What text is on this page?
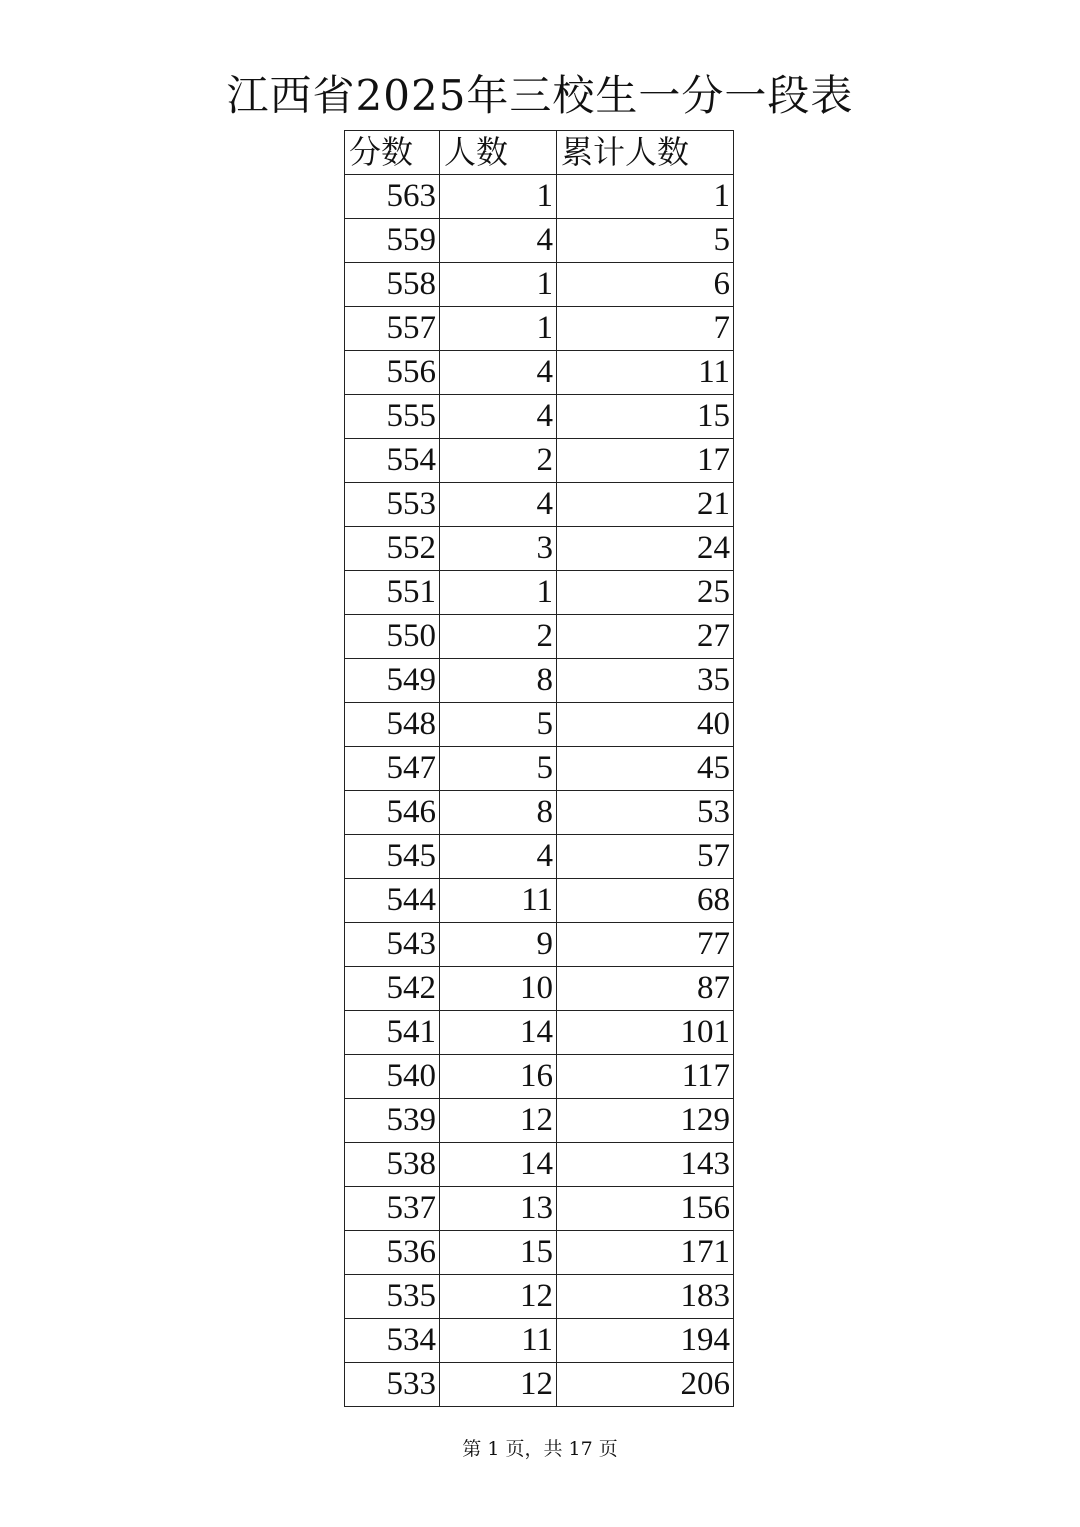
江西省2025年三校生一分一段表
分数	人数	累计人数
563	1	1
559	4	5
558	1	6
557	1	7
556	4	11
555	4	15
554	2	17
553	4	21
552	3	24
551	1	25
550	2	27
549	8	35
548	5	40
547	5	45
546	8	53
545	4	57
544	11	68
543	9	77
542	10	87
541	14	101
540	16	117
539	12	129
538	14	143
537	13	156
536	15	171
535	12	183
534	11	194
533	12	206
第 1 页，共 17 页
